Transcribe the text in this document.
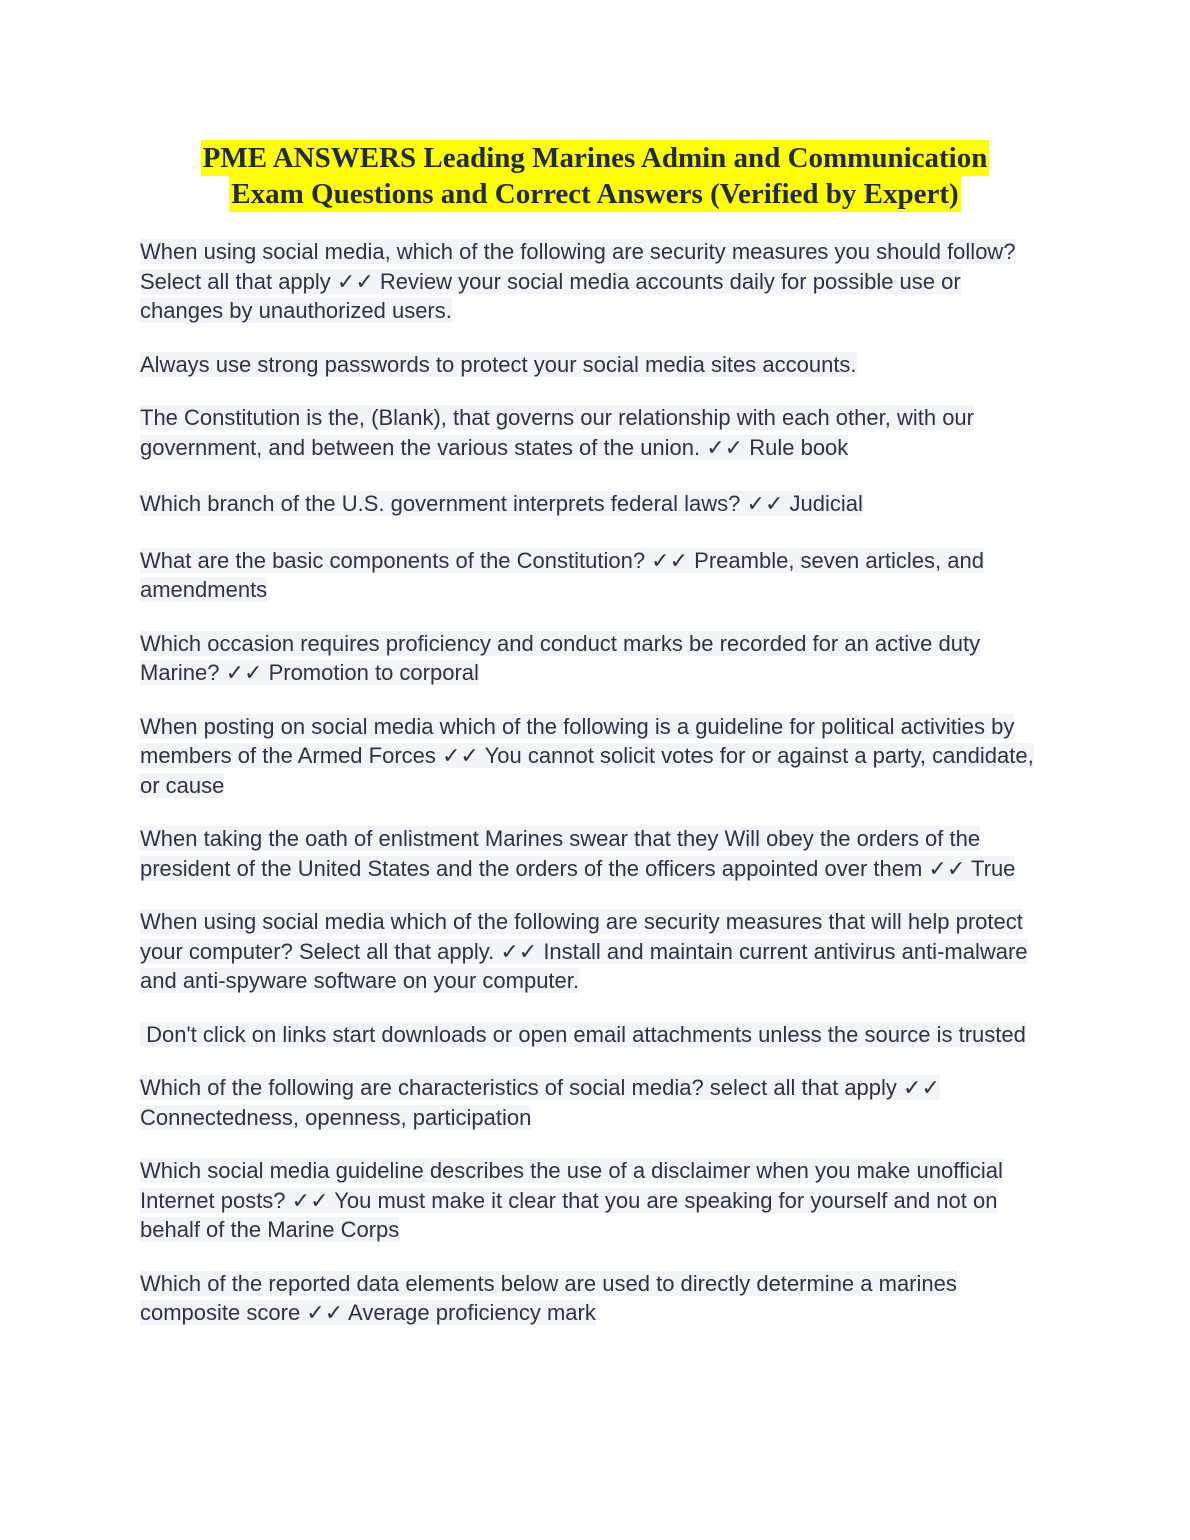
PME ANSWERS Leading Marines Admin and Communication
Exam Questions and Correct Answers (Verified by Expert)

When using social media, which of the following are security measures you should follow? Select all that apply ✓✓ Review your social media accounts daily for possible use or changes by unauthorized users.

Always use strong passwords to protect your social media sites accounts.

The Constitution is the, (Blank), that governs our relationship with each other, with our government, and between the various states of the union. ✓✓ Rule book

Which branch of the U.S. government interprets federal laws? ✓✓ Judicial

What are the basic components of the Constitution? ✓✓ Preamble, seven articles, and amendments

Which occasion requires proficiency and conduct marks be recorded for an active duty Marine? ✓✓ Promotion to corporal

When posting on social media which of the following is a guideline for political activities by members of the Armed Forces ✓✓ You cannot solicit votes for or against a party, candidate, or cause

When taking the oath of enlistment Marines swear that they Will obey the orders of the president of the United States and the orders of the officers appointed over them ✓✓ True

When using social media which of the following are security measures that will help protect your computer? Select all that apply. ✓✓ Install and maintain current antivirus anti-malware and anti-spyware software on your computer.

Don't click on links start downloads or open email attachments unless the source is trusted

Which of the following are characteristics of social media? select all that apply ✓✓ Connectedness, openness, participation

Which social media guideline describes the use of a disclaimer when you make unofficial Internet posts? ✓✓ You must make it clear that you are speaking for yourself and not on behalf of the Marine Corps

Which of the reported data elements below are used to directly determine a marines composite score ✓✓ Average proficiency mark
